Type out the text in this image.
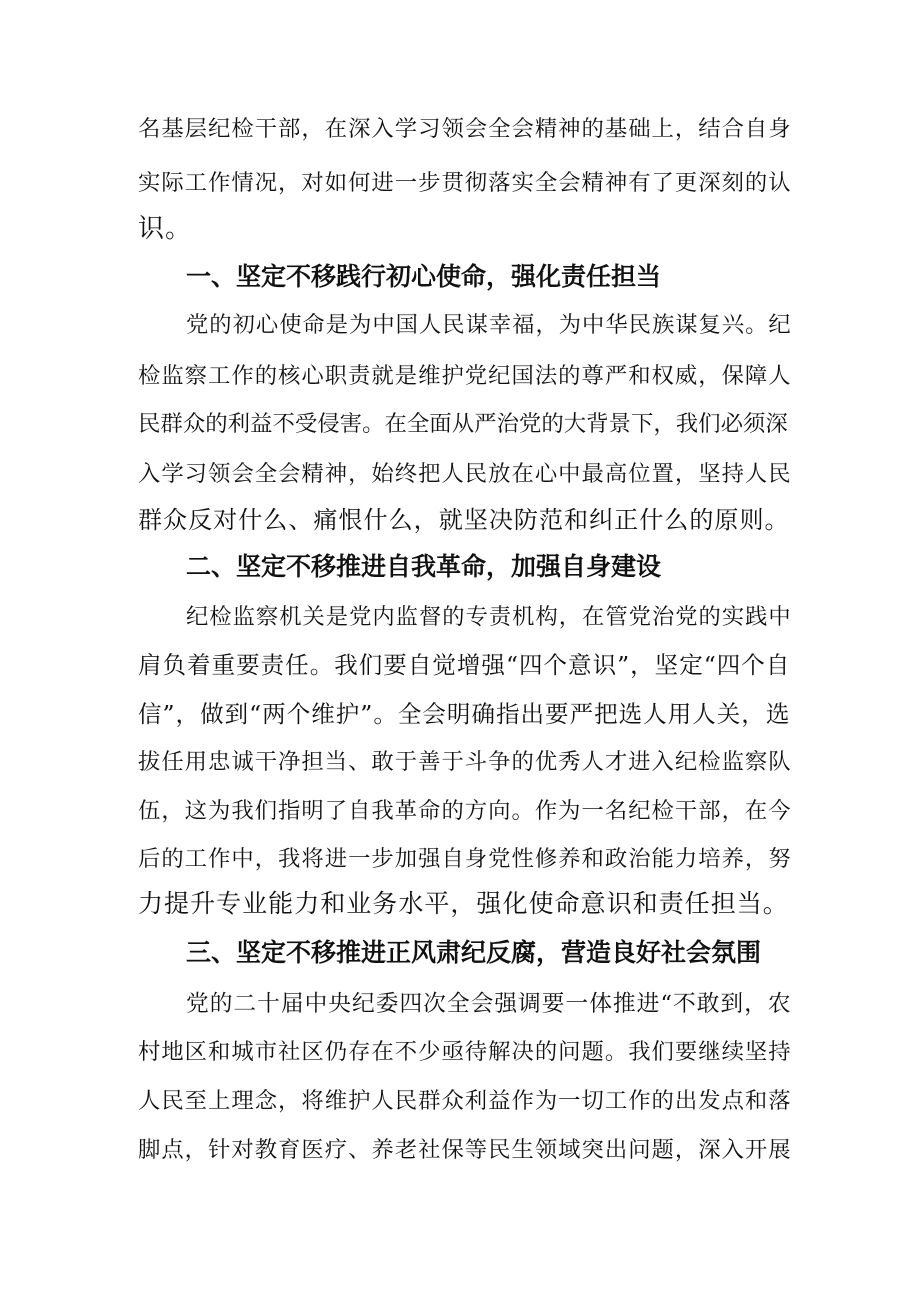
名基层纪检干部，在深入学习领会全会精神的基础上，结合自身
实际工作情况，对如何进一步贯彻落实全会精神有了更深刻的认
识。
一、坚定不移践行初心使命，强化责任担当
党的初心使命是为中国人民谋幸福，为中华民族谋复兴。纪
检监察工作的核心职责就是维护党纪国法的尊严和权威，保障人
民群众的利益不受侵害。在全面从严治党的大背景下，我们必须深
入学习领会全会精神，始终把人民放在心中最高位置，坚持人民
群众反对什么、痛恨什么，就坚决防范和纠正什么的原则。
二、坚定不移推进自我革命，加强自身建设
纪检监察机关是党内监督的专责机构，在管党治党的实践中
肩负着重要责任。我们要自觉增强“四个意识”，坚定“四个自
信”，做到“两个维护”。全会明确指出要严把选人用人关，选
拔任用忠诚干净担当、敢于善于斗争的优秀人才进入纪检监察队
伍，这为我们指明了自我革命的方向。作为一名纪检干部，在今
后的工作中，我将进一步加强自身党性修养和政治能力培养，努
力提升专业能力和业务水平，强化使命意识和责任担当。
三、坚定不移推进正风肃纪反腐，营造良好社会氛围
党的二十届中央纪委四次全会强调要一体推进“不敢到，农
村地区和城市社区仍存在不少亟待解决的问题。我们要继续坚持
人民至上理念，将维护人民群众利益作为一切工作的出发点和落
脚点，针对教育医疗、养老社保等民生领域突出问题，深入开展
